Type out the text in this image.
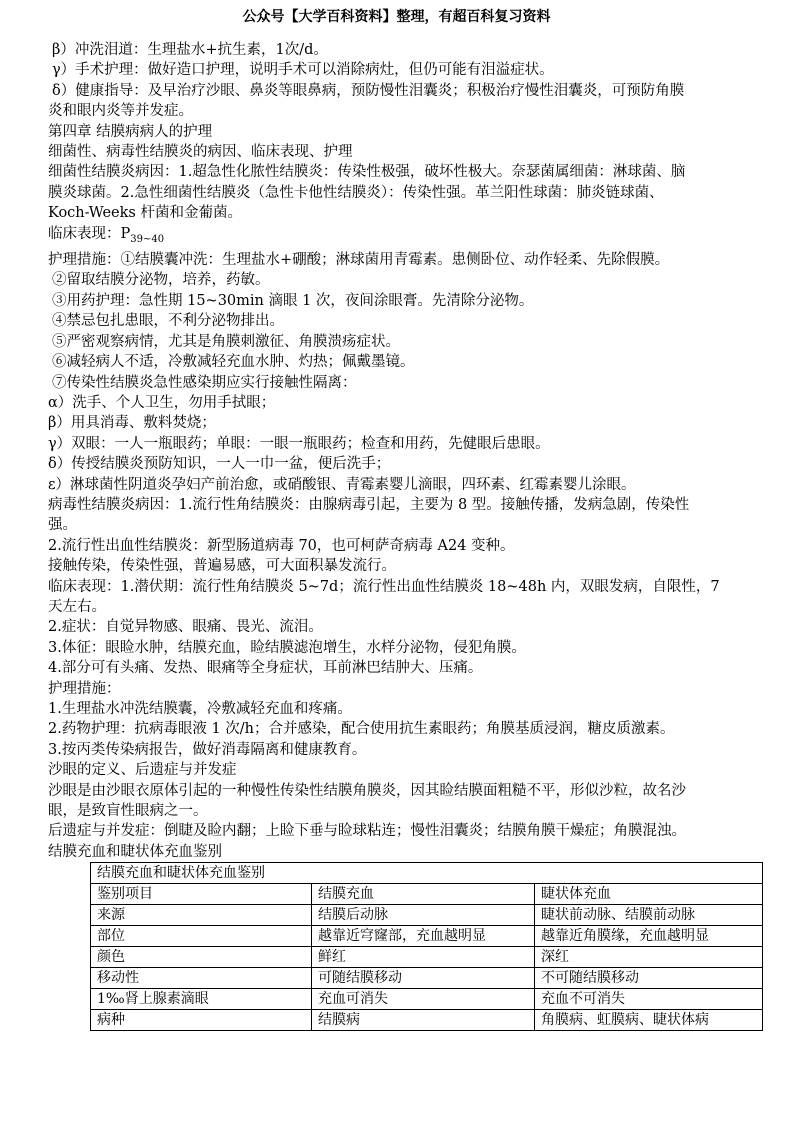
公众号【大学百科资料】整理，有超百科复习资料

β）冲洗泪道：生理盐水+抗生素，1次/d。

γ）手术护理：做好造口护理，说明手术可以消除病灶，但仍可能有泪溢症状。

δ）健康指导：及早治疗沙眼、鼻炎等眼鼻病，预防慢性泪囊炎；积极治疗慢性泪囊炎，可预防角膜

炎和眼内炎等并发症。

第四章 结膜病病人的护理

细菌性、病毒性结膜炎的病因、临床表现、护理

细菌性结膜炎病因：1.超急性化脓性结膜炎：传染性极强，破坏性极大。奈瑟菌属细菌：淋球菌、脑

膜炎球菌。2.急性细菌性结膜炎（急性卡他性结膜炎）：传染性强。革兰阳性球菌：肺炎链球菌、

Koch-Weeks 杆菌和金葡菌。

临床表现：$P_{39\sim 40}$

护理措施：①结膜囊冲洗：生理盐水+硼酸；淋球菌用青霉素。患侧卧位、动作轻柔、先除假膜。

②留取结膜分泌物，培养，药敏。

③用药护理：急性期 15~30min 滴眼 1 次，夜间涂眼膏。先清除分泌物。

④禁忌包扎患眼，不利分泌物排出。

⑤严密观察病情，尤其是角膜刺激征、角膜溃疡症状。

⑥减轻病人不适，冷敷减轻充血水肿、灼热；佩戴墨镜。

⑦传染性结膜炎急性感染期应实行接触性隔离：

α）洗手、个人卫生，勿用手拭眼；

β）用具消毒、敷料焚烧；

γ）双眼：一人一瓶眼药；单眼：一眼一瓶眼药；检查和用药，先健眼后患眼。

δ）传授结膜炎预防知识，一人一巾一盆，便后洗手；

ε）淋球菌性阴道炎孕妇产前治愈，或硝酸银、青霉素婴儿滴眼，四环素、红霉素婴儿涂眼。

病毒性结膜炎病因：1.流行性角结膜炎：由腺病毒引起，主要为 8 型。接触传播，发病急剧，传染性

强。

2.流行性出血性结膜炎：新型肠道病毒 70，也可柯萨奇病毒 A24 变种。

接触传染，传染性强，普遍易感，可大面积暴发流行。

临床表现：1.潜伏期：流行性角结膜炎 5~7d；流行性出血性结膜炎 18~48h 内，双眼发病，自限性，7

天左右。

2.症状：自觉异物感、眼痛、畏光、流泪。

3.体征：眼睑水肿，结膜充血，睑结膜滤泡增生，水样分泌物，侵犯角膜。

4.部分可有头痛、发热、眼痛等全身症状，耳前淋巴结肿大、压痛。

护理措施：

1.生理盐水冲洗结膜囊，冷敷减轻充血和疼痛。

2.药物护理：抗病毒眼液 1 次/h；合并感染，配合使用抗生素眼药；角膜基质浸润，糖皮质激素。

3.按丙类传染病报告，做好消毒隔离和健康教育。

沙眼的定义、后遗症与并发症

沙眼是由沙眼衣原体引起的一种慢性传染性结膜角膜炎，因其睑结膜面粗糙不平，形似沙粒，故名沙

眼，是致盲性眼病之一。

后遗症与并发症：倒睫及睑内翻；上睑下垂与睑球粘连；慢性泪囊炎；结膜角膜干燥症；角膜混浊。

结膜充血和睫状体充血鉴别

结膜充血和睫状体充血鉴别		
鉴别项目	结膜充血	睫状体充血
来源	结膜后动脉	睫状前动脉、结膜前动脉
部位	越靠近穹窿部，充血越明显	越靠近角膜缘，充血越明显
颜色	鲜红	深红
移动性	可随结膜移动	不可随结膜移动
1‰肾上腺素滴眼	充血可消失	充血不可消失
病种	结膜病	角膜病、虹膜病、睫状体病
